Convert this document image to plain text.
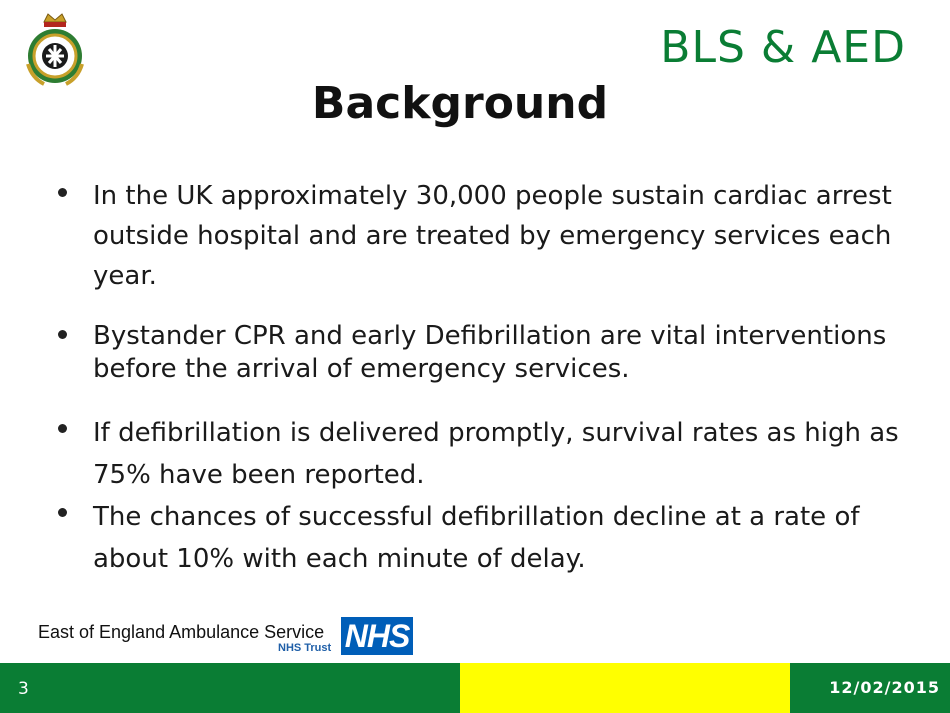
BLS & AED
Background
In the UK approximately 30,000 people sustain cardiac arrest outside hospital and are treated by emergency services each year.
Bystander CPR and early Defibrillation are vital interventions before the arrival of emergency services.
If defibrillation is delivered promptly, survival rates as high as 75% have been reported.
The chances of successful defibrillation decline at a rate of about 10% with each minute of delay.
East of England Ambulance Service
NHS Trust NHS
3	12/02/2015
